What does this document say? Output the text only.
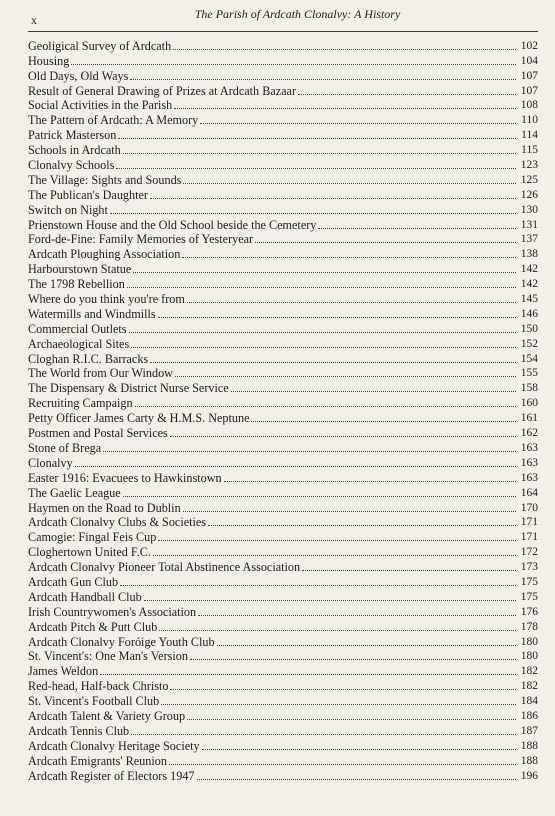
x	The Parish of Ardcath Clonalvy: A History
Geoligical Survey of Ardcath	102
Housing	104
Old Days, Old Ways	107
Result of General Drawing of Prizes at Ardcath Bazaar	107
Social Activities in the Parish	108
The Pattern of Ardcath: A Memory	110
Patrick Masterson	114
Schools in Ardcath	115
Clonalvy Schools	123
The Village: Sights and Sounds	125
The Publican's Daughter	126
Switch on Night	130
Prienstown House and the Old School beside the Cemetery	131
Ford-de-Fine: Family Memories of Yesteryear	137
Ardcath Ploughing Association	138
Harbourstown Statue	142
The 1798 Rebellion	142
Where do you think you're from	145
Watermills and Windmills	146
Commercial Outlets	150
Archaeological Sites	152
Cloghan R.I.C. Barracks	154
The World from Our Window	155
The Dispensary & District Nurse Service	158
Recruiting Campaign	160
Petty Officer James Carty & H.M.S. Neptune	161
Postmen and Postal Services	162
Stone of Brega	163
Clonalvy	163
Easter 1916: Evacuees to Hawkinstown	163
The Gaelic League	164
Haymen on the Road to Dublin	170
Ardcath Clonalvy Clubs & Societies	171
Camogie: Fingal Feis Cup	171
Cloghertown United F.C.	172
Ardcath Clonalvy Pioneer Total Abstinence Association	173
Ardcath Gun Club	175
Ardcath Handball Club	175
Irish Countrywomen's Association	176
Ardcath Pitch & Putt Club	178
Ardcath Clonalvy Foróige Youth Club	180
St. Vincent's: One Man's Version	180
James Weldon	182
Red-head, Half-back Christo	182
St. Vincent's Football Club	184
Ardcath Talent & Variety Group	186
Ardcath Tennis Club	187
Ardcath Clonalvy Heritage Society	188
Ardcath Emigrants' Reunion	188
Ardcath Register of Electors 1947	196
